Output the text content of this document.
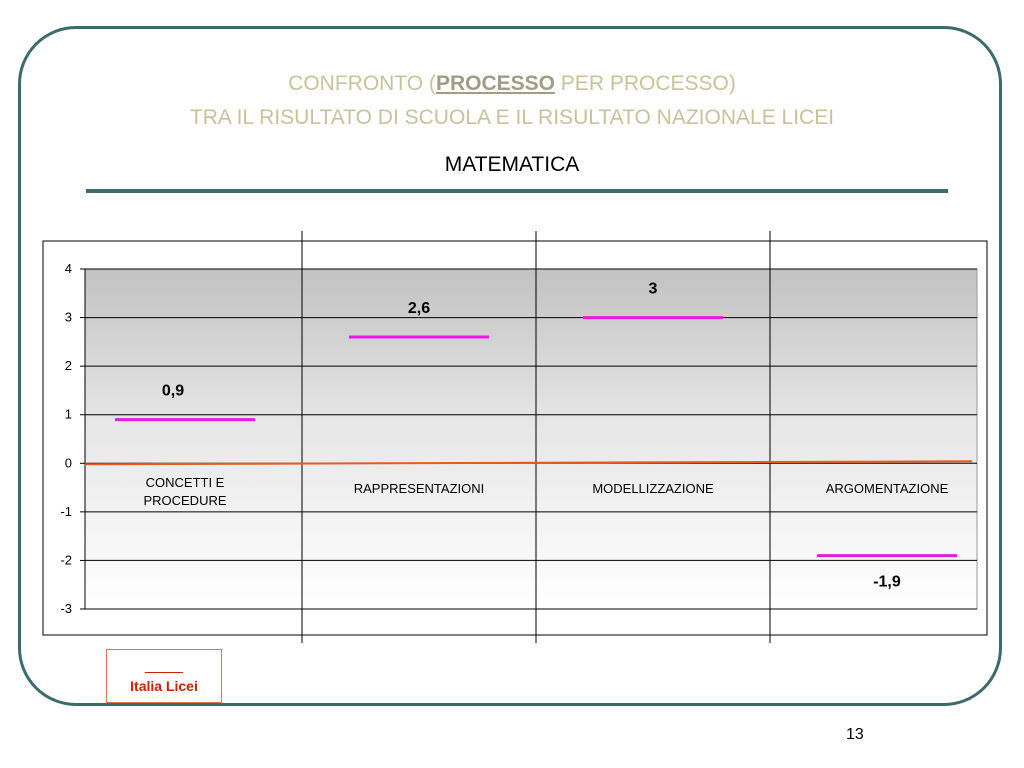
CONFRONTO (PROCESSO PER PROCESSO)
TRA IL RISULTATO DI SCUOLA E IL RISULTATO NAZIONALE LICEI
MATEMATICA
CONCETTI E
PROCEDURE
RAPPRESENTAZIONI	MODELLIZZAZIONE	ARGOMENTAZIONE
4
3
2
1
0
-1
-2
-3
0,9
2,6
3
-1,9
Italia Licei
13
